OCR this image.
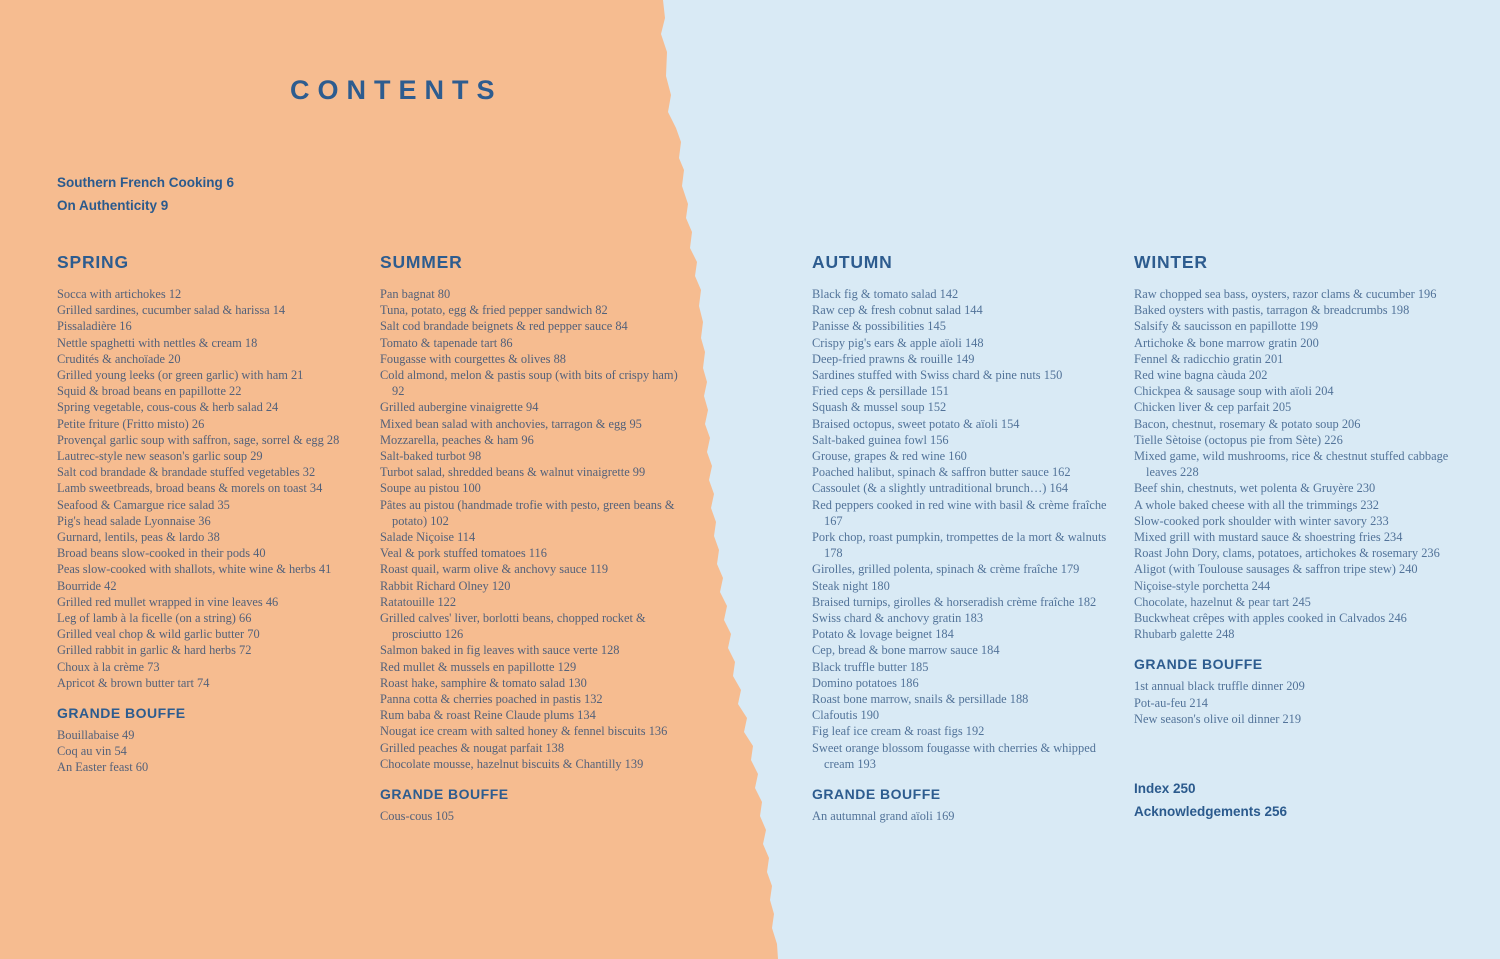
CONTENTS
Southern French Cooking 6
On Authenticity 9
SPRING
Socca with artichokes 12
Grilled sardines, cucumber salad & harissa 14
Pissaladière 16
Nettle spaghetti with nettles & cream 18
Crudités & anchoïade 20
Grilled young leeks (or green garlic) with ham 21
Squid & broad beans en papillotte 22
Spring vegetable, cous-cous & herb salad 24
Petite friture (Fritto misto) 26
Provençal garlic soup with saffron, sage, sorrel & egg 28
Lautrec-style new season's garlic soup 29
Salt cod brandade & brandade stuffed vegetables 32
Lamb sweetbreads, broad beans & morels on toast 34
Seafood & Camargue rice salad 35
Pig's head salade Lyonnaise 36
Gurnard, lentils, peas & lardo 38
Broad beans slow-cooked in their pods 40
Peas slow-cooked with shallots, white wine & herbs 41
Bourride 42
Grilled red mullet wrapped in vine leaves 46
Leg of lamb à la ficelle (on a string) 66
Grilled veal chop & wild garlic butter 70
Grilled rabbit in garlic & hard herbs 72
Choux à la crème 73
Apricot & brown butter tart 74
GRANDE BOUFFE
Bouillabaise 49
Coq au vin 54
An Easter feast 60
SUMMER
Pan bagnat 80
Tuna, potato, egg & fried pepper sandwich 82
Salt cod brandade beignets & red pepper sauce 84
Tomato & tapenade tart 86
Fougasse with courgettes & olives 88
Cold almond, melon & pastis soup (with bits of crispy ham) 92
Grilled aubergine vinaigrette 94
Mixed bean salad with anchovies, tarragon & egg 95
Mozzarella, peaches & ham 96
Salt-baked turbot 98
Turbot salad, shredded beans & walnut vinaigrette 99
Soupe au pistou 100
Pâtes au pistou (handmade trofie with pesto, green beans & potato) 102
Salade Niçoise 114
Veal & pork stuffed tomatoes 116
Roast quail, warm olive & anchovy sauce 119
Rabbit Richard Olney 120
Ratatouille 122
Grilled calves' liver, borlotti beans, chopped rocket & prosciutto 126
Salmon baked in fig leaves with sauce verte 128
Red mullet & mussels en papillotte 129
Roast hake, samphire & tomato salad 130
Panna cotta & cherries poached in pastis 132
Rum baba & roast Reine Claude plums 134
Nougat ice cream with salted honey & fennel biscuits 136
Grilled peaches & nougat parfait 138
Chocolate mousse, hazelnut biscuits & Chantilly 139
GRANDE BOUFFE
Cous-cous 105
AUTUMN
Black fig & tomato salad 142
Raw cep & fresh cobnut salad 144
Panisse & possibilities 145
Crispy pig's ears & apple aïoli 148
Deep-fried prawns & rouille 149
Sardines stuffed with Swiss chard & pine nuts 150
Fried ceps & persillade 151
Squash & mussel soup 152
Braised octopus, sweet potato & aïoli 154
Salt-baked guinea fowl 156
Grouse, grapes & red wine 160
Poached halibut, spinach & saffron butter sauce 162
Cassoulet (& a slightly untraditional brunch…) 164
Red peppers cooked in red wine with basil & crème fraîche 167
Pork chop, roast pumpkin, trompettes de la mort & walnuts 178
Girolles, grilled polenta, spinach & crème fraîche 179
Steak night 180
Braised turnips, girolles & horseradish crème fraîche 182
Swiss chard & anchovy gratin 183
Potato & lovage beignet 184
Cep, bread & bone marrow sauce 184
Black truffle butter 185
Domino potatoes 186
Roast bone marrow, snails & persillade 188
Clafoutis 190
Fig leaf ice cream & roast figs 192
Sweet orange blossom fougasse with cherries & whipped cream 193
GRANDE BOUFFE
An autumnal grand aïoli 169
WINTER
Raw chopped sea bass, oysters, razor clams & cucumber 196
Baked oysters with pastis, tarragon & breadcrumbs 198
Salsify & saucisson en papillotte 199
Artichoke & bone marrow gratin 200
Fennel & radicchio gratin 201
Red wine bagna càuda 202
Chickpea & sausage soup with aïoli 204
Chicken liver & cep parfait 205
Bacon, chestnut, rosemary & potato soup 206
Tielle Sètoise (octopus pie from Sète) 226
Mixed game, wild mushrooms, rice & chestnut stuffed cabbage leaves 228
Beef shin, chestnuts, wet polenta & Gruyère 230
A whole baked cheese with all the trimmings 232
Slow-cooked pork shoulder with winter savory 233
Mixed grill with mustard sauce & shoestring fries 234
Roast John Dory, clams, potatoes, artichokes & rosemary 236
Aligot (with Toulouse sausages & saffron tripe stew) 240
Niçoise-style porchetta 244
Chocolate, hazelnut & pear tart 245
Buckwheat crêpes with apples cooked in Calvados 246
Rhubarb galette 248
GRANDE BOUFFE
1st annual black truffle dinner 209
Pot-au-feu 214
New season's olive oil dinner 219
Index 250
Acknowledgements 256
